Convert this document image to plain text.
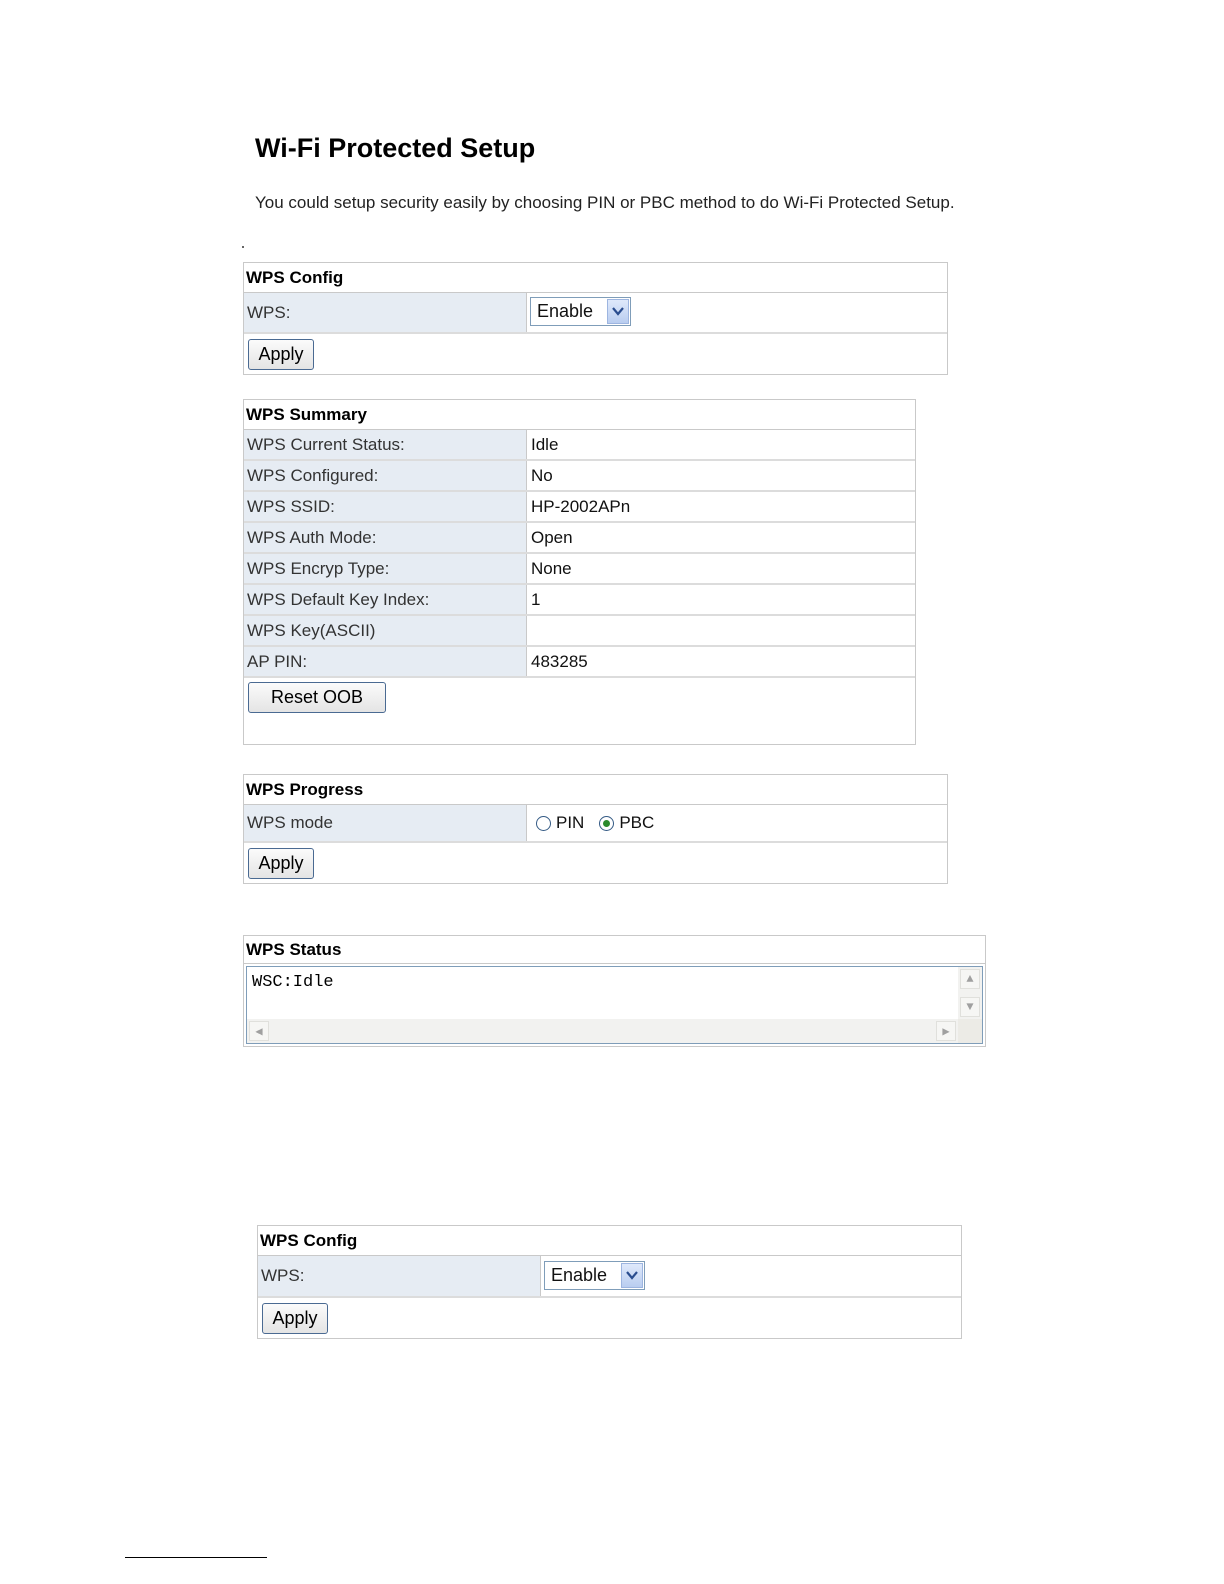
Wi-Fi Protected Setup
You could setup security easily by choosing PIN or PBC method to do Wi-Fi Protected Setup.
WPS Config
WPS:	Enable
Apply
WPS Summary
WPS Current Status:	Idle
WPS Configured:	No
WPS SSID:	HP-2002APn
WPS Auth Mode:	Open
WPS Encryp Type:	None
WPS Default Key Index:	1
WPS Key(ASCII)
AP PIN:	483285
Reset OOB
WPS Progress
WPS mode	PIN PBC
Apply
WPS Status
WSC:Idle	▲
▼
◀	▶
WPS Config
WPS:	Enable
Apply
